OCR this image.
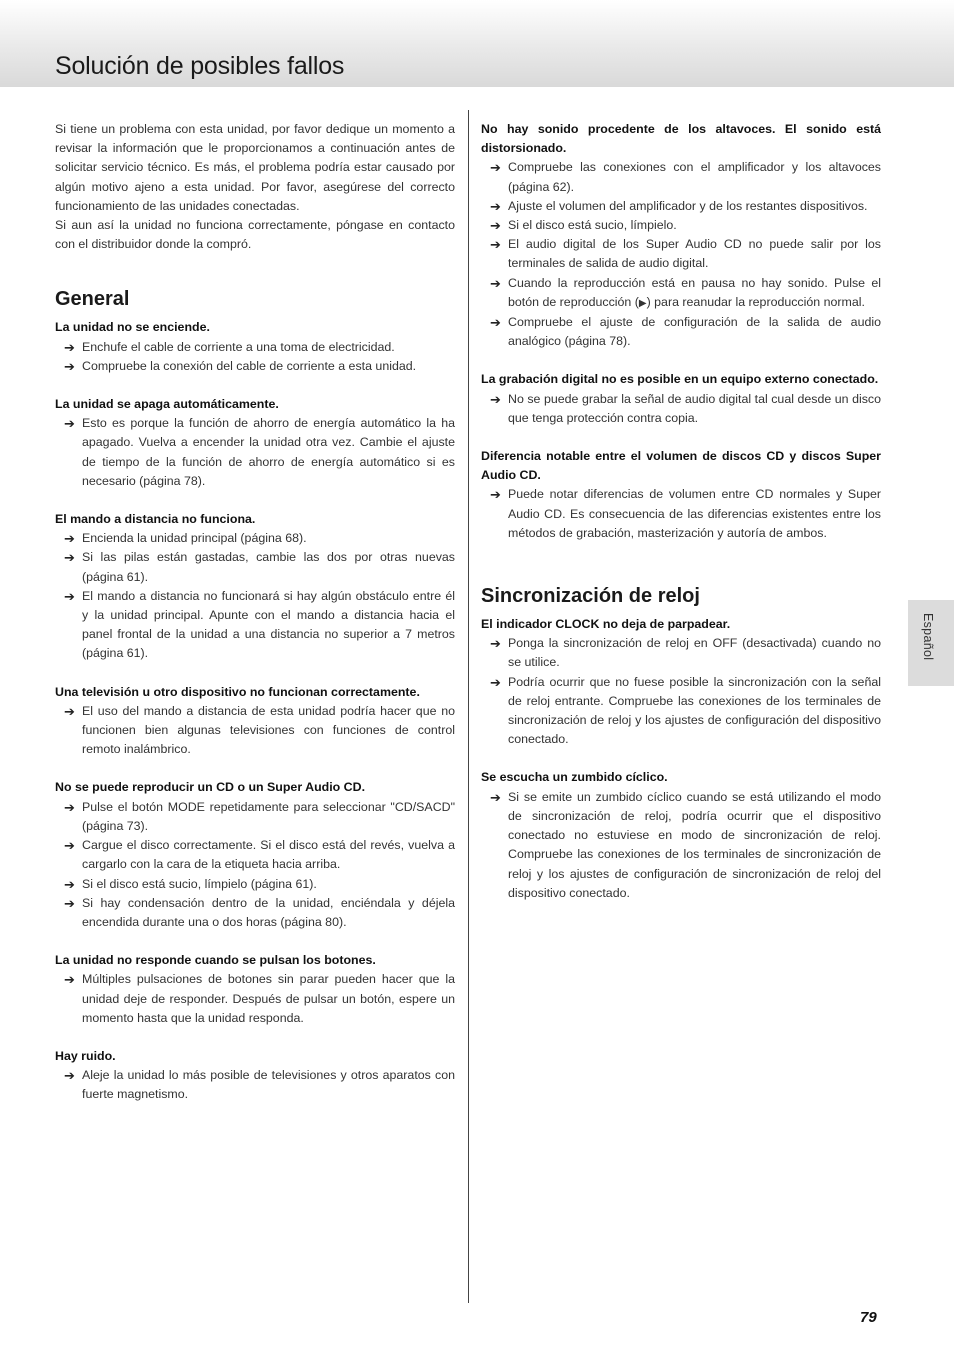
Solución de posibles fallos

Si tiene un problema con esta unidad, por favor dedique un momento a revisar la información que le proporcionamos a continuación antes de solicitar servicio técnico. Es más, el problema podría estar causado por algún motivo ajeno a esta unidad. Por favor, asegúrese del correcto funcionamiento de las unidades conectadas.

Si aun así la unidad no funciona correctamente, póngase en contacto con el distribuidor donde la compró.

General
La unidad no se enciende.
➔ Enchufe el cable de corriente a una toma de electricidad.
➔ Compruebe la conexión del cable de corriente a esta unidad.
La unidad se apaga automáticamente.
➔ Esto es porque la función de ahorro de energía automático la ha apagado. Vuelva a encender la unidad otra vez. Cambie el ajuste de tiempo de la función de ahorro de energía automático si es necesario (página 78).
El mando a distancia no funciona.
➔ Encienda la unidad principal (página 68).
➔ Si las pilas están gastadas, cambie las dos por otras nuevas (página 61).
➔ El mando a distancia no funcionará si hay algún obstáculo entre él y la unidad principal. Apunte con el mando a distancia hacia el panel frontal de la unidad a una distancia no superior a 7 metros (página 61).
Una televisión u otro dispositivo no funcionan correctamente.
➔ El uso del mando a distancia de esta unidad podría hacer que no funcionen bien algunas televisiones con funciones de control remoto inalámbrico.
No se puede reproducir un CD o un Super Audio CD.
➔ Pulse el botón MODE repetidamente para seleccionar "CD/SACD" (página 73).
➔ Cargue el disco correctamente. Si el disco está del revés, vuelva a cargarlo con la cara de la etiqueta hacia arriba.
➔ Si el disco está sucio, límpielo (página 61).
➔ Si hay condensación dentro de la unidad, enciéndala y déjela encendida durante una o dos horas (página 80).
La unidad no responde cuando se pulsan los botones.
➔ Múltiples pulsaciones de botones sin parar pueden hacer que la unidad deje de responder. Después de pulsar un botón, espere un momento hasta que la unidad responda.
Hay ruido.
➔ Aleje la unidad lo más posible de televisiones y otros aparatos con fuerte magnetismo.
No hay sonido procedente de los altavoces. El sonido está distorsionado.
➔ Compruebe las conexiones con el amplificador y los altavoces (página 62).
➔ Ajuste el volumen del amplificador y de los restantes dispositivos.
➔ Si el disco está sucio, límpielo.
➔ El audio digital de los Super Audio CD no puede salir por los terminales de salida de audio digital.
➔ Cuando la reproducción está en pausa no hay sonido. Pulse el botón de reproducción (▶) para reanudar la reproducción normal.
➔ Compruebe el ajuste de configuración de la salida de audio analógico (página 78).
La grabación digital no es posible en un equipo externo conectado.
➔ No se puede grabar la señal de audio digital tal cual desde un disco que tenga protección contra copia.
Diferencia notable entre el volumen de discos CD y discos Super Audio CD.
➔ Puede notar diferencias de volumen entre CD normales y Super Audio CD. Es consecuencia de las diferencias existentes entre los métodos de grabación, masterización y autoría de ambos.
Sincronización de reloj
El indicador CLOCK no deja de parpadear.
➔ Ponga la sincronización de reloj en OFF (desactivada) cuando no se utilice.
➔ Podría ocurrir que no fuese posible la sincronización con la señal de reloj entrante. Compruebe las conexiones de los terminales de sincronización de reloj y los ajustes de configuración del dispositivo conectado.
Se escucha un zumbido cíclico.
➔ Si se emite un zumbido cíclico cuando se está utilizando el modo de sincronización de reloj, podría ocurrir que el dispositivo conectado no estuviese en modo de sincronización de reloj. Compruebe las conexiones de los terminales de sincronización de reloj y los ajustes de configuración de sincronización de reloj del dispositivo conectado.
Español
79
